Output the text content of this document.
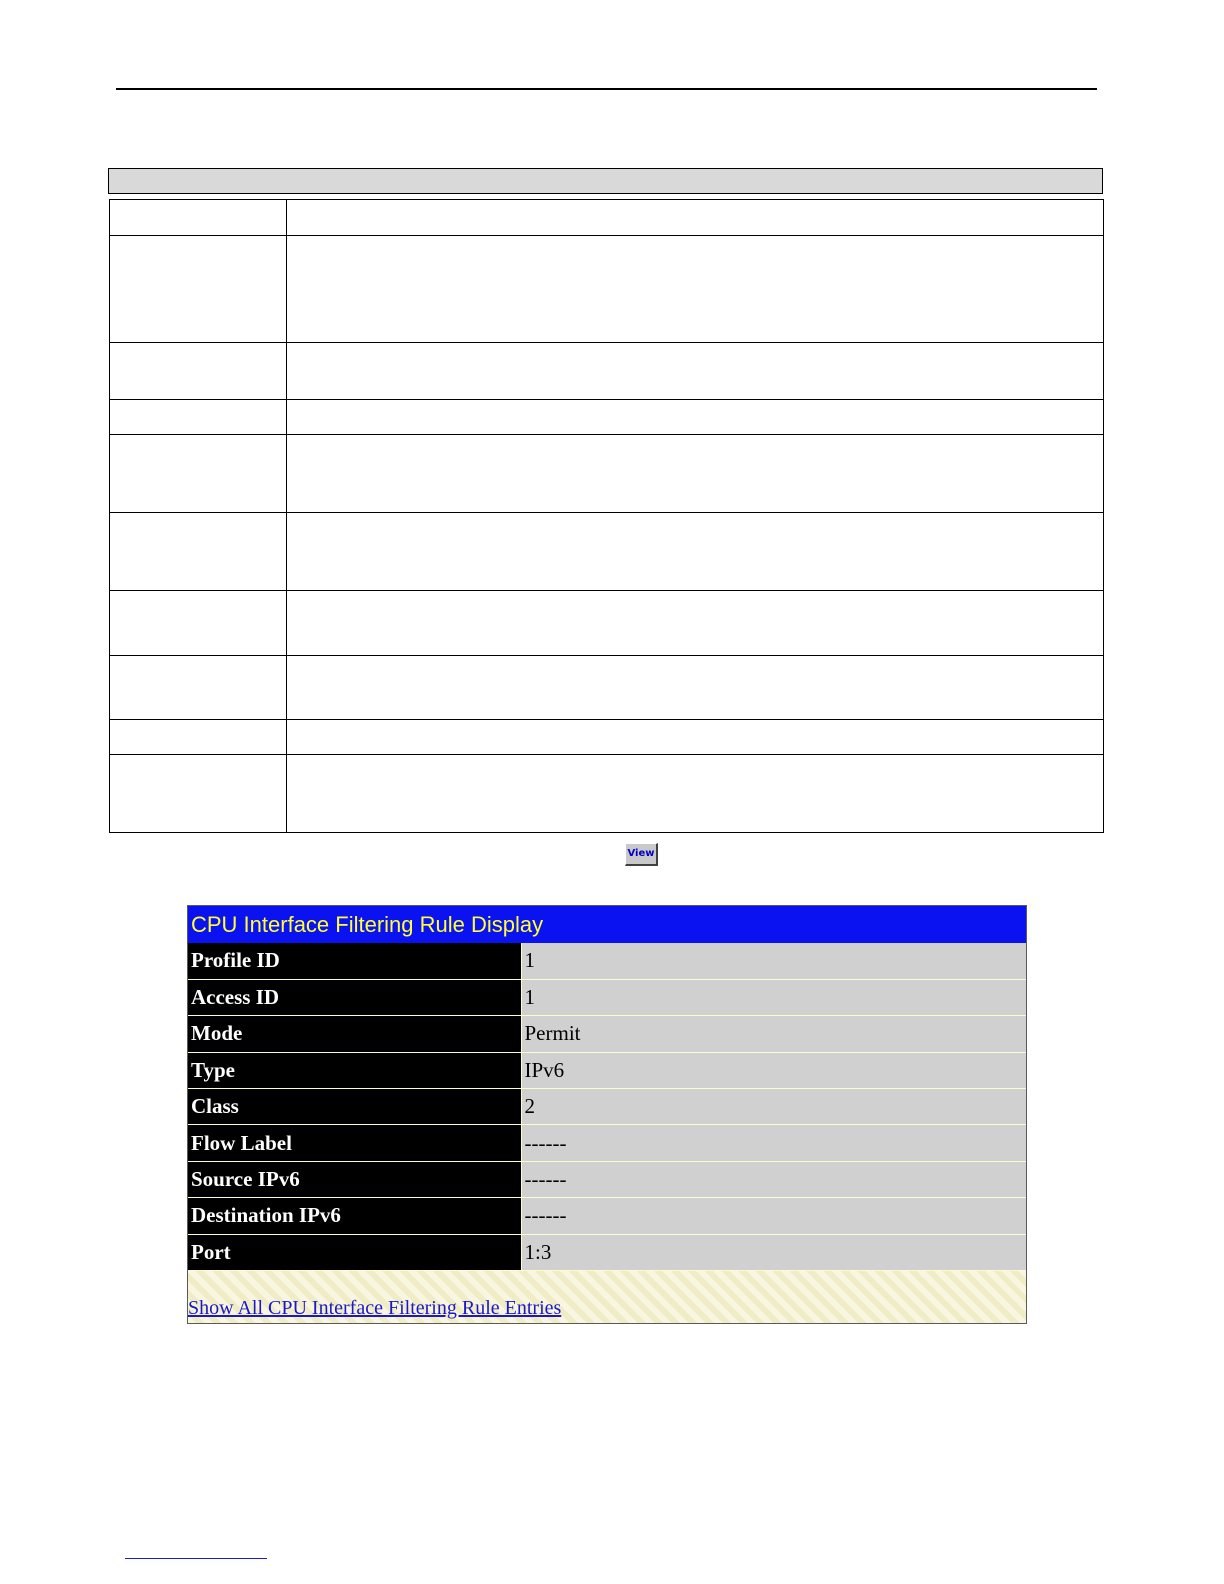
View
CPU Interface Filtering Rule Display
Profile ID	1
Access ID	1
Mode	Permit
Type	IPv6
Class	2
Flow Label	------
Source IPv6	------
Destination IPv6	------
Port	1:3
Show All CPU Interface Filtering Rule Entries
